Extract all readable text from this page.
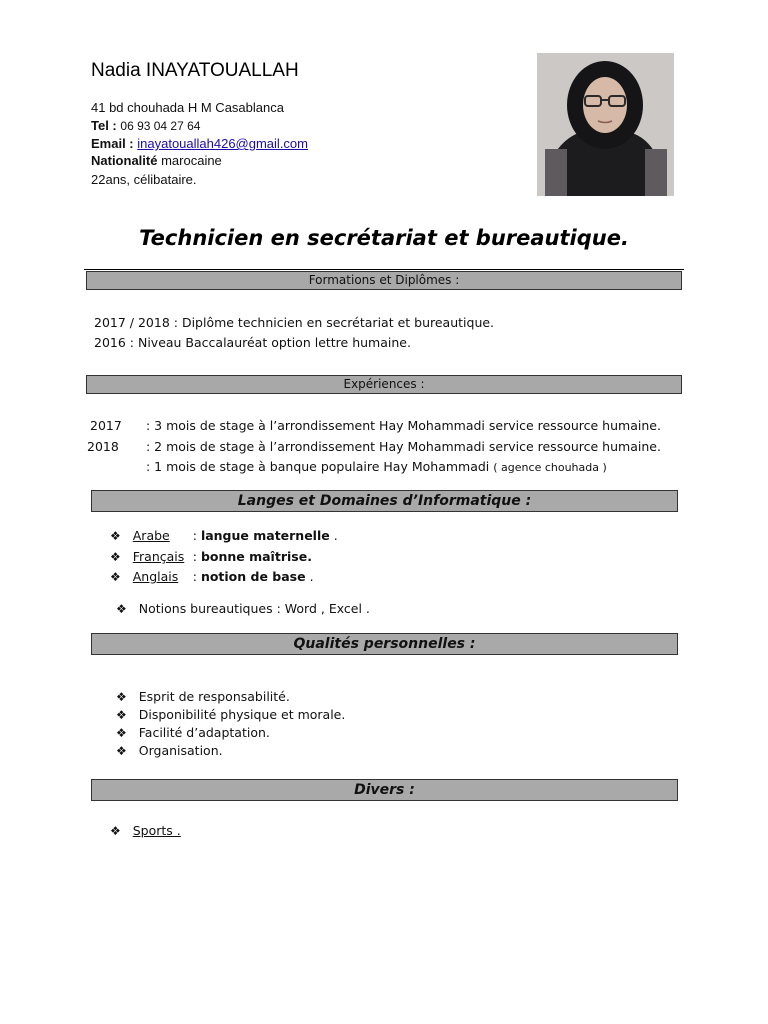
Nadia INAYATOUALLAH
41 bd chouhada H M Casablanca
Tel : 06 93 04 27 64
Email : inayatouallah426@gmail.com
Nationalité marocaine
22ans, célibataire.
Technicien en secrétariat et bureautique.
Formations et Diplômes :
2017 / 2018 : Diplôme technicien en secrétariat et bureautique.
2016 : Niveau Baccalauréat option lettre humaine.
Expériences :
2017
2018
: 3 mois de stage à l’arrondissement Hay Mohammadi service ressource humaine.
: 2 mois de stage à l’arrondissement Hay Mohammadi service ressource humaine.
: 1 mois de stage à banque populaire Hay Mohammadi ( agence chouhada )
Langes et Domaines d’Informatique :
❖ Arabe : langue maternelle .
❖ Français : bonne maîtrise.
❖ Anglais : notion de base .
❖ Notions bureautiques : Word , Excel .
Qualités personnelles :
❖ Esprit de responsabilité.
❖ Disponibilité physique et morale.
❖ Facilité d’adaptation.
❖ Organisation.
Divers :
❖ Sports .
